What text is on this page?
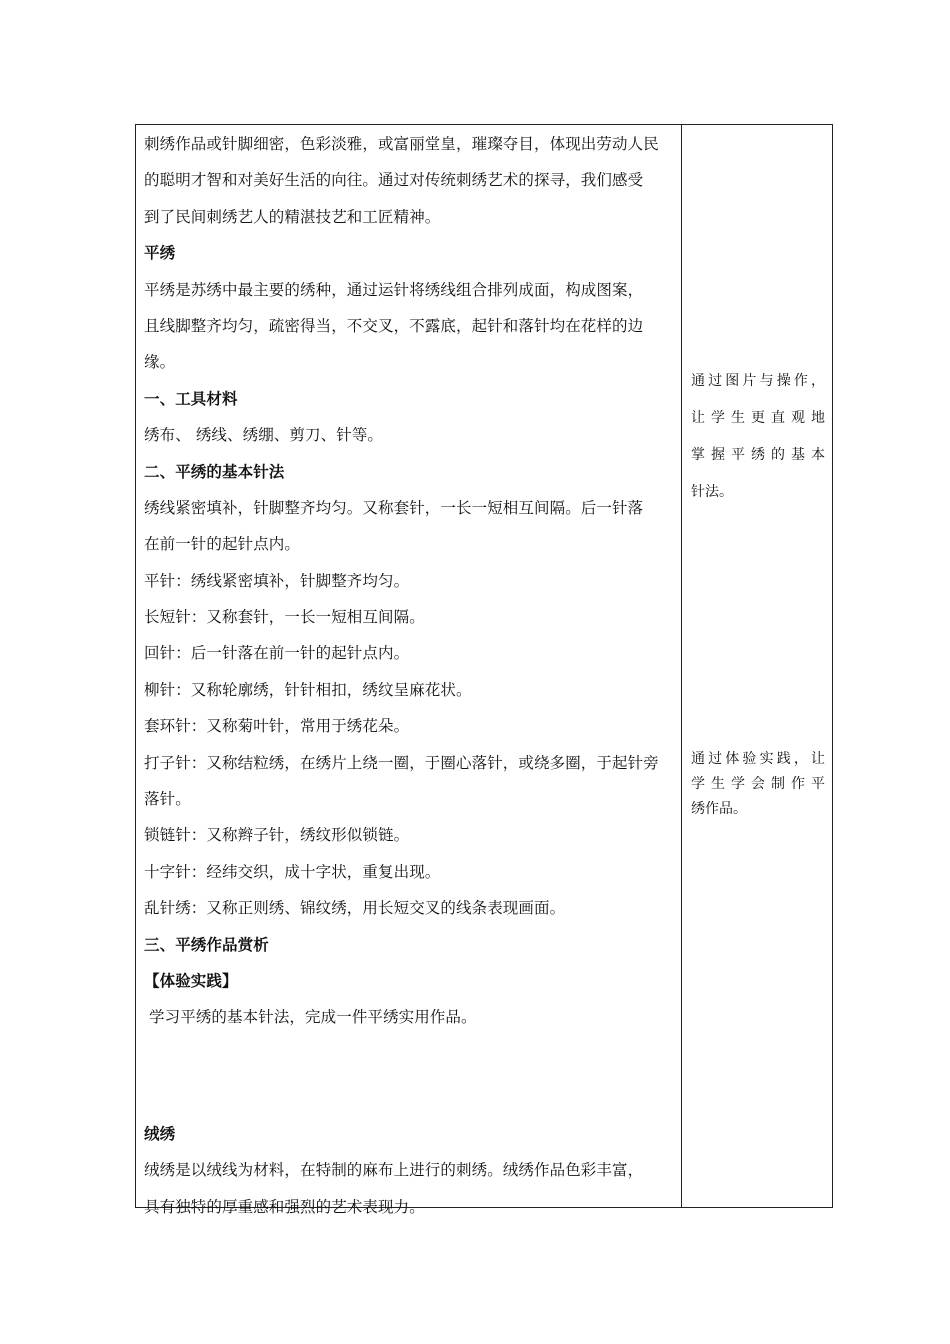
刺绣作品或针脚细密，色彩淡雅，或富丽堂皇，璀璨夺目，体现出劳动人民
的聪明才智和对美好生活的向往。通过对传统刺绣艺术的探寻，我们感受
到了民间刺绣艺人的精湛技艺和工匠精神。
平绣
平绣是苏绣中最主要的绣种，通过运针将绣线组合排列成面，构成图案，
且线脚整齐均匀，疏密得当，不交叉，不露底，起针和落针均在花样的边
缘。
一、工具材料
绣布、 绣线、绣绷、剪刀、针等。
二、平绣的基本针法
绣线紧密填补，针脚整齐均匀。又称套针，一长一短相互间隔。后一针落
在前一针的起针点内。
平针：绣线紧密填补，针脚整齐均匀。
长短针：又称套针，一长一短相互间隔。
回针：后一针落在前一针的起针点内。
柳针：又称轮廓绣，针针相扣，绣纹呈麻花状。
套环针：又称菊叶针，常用于绣花朵。
打子针：又称结粒绣，在绣片上绕一圈，于圈心落针，或绕多圈，于起针旁
落针。
锁链针：又称辫子针，绣纹形似锁链。
十字针：经纬交织，成十字状，重复出现。
乱针绣：又称正则绣、锦纹绣，用长短交叉的线条表现画面。
三、平绣作品赏析
【体验实践】
学习平绣的基本针法，完成一件平绣实用作品。
绒绣
绒绣是以绒线为材料，在特制的麻布上进行的刺绣。绒绣作品色彩丰富，
具有独特的厚重感和强烈的艺术表现力。
通过图片与操作，
让学生更直观地
掌握平绣的基本
针法。
通过体验实践，让
学生学会制作平
绣作品。
